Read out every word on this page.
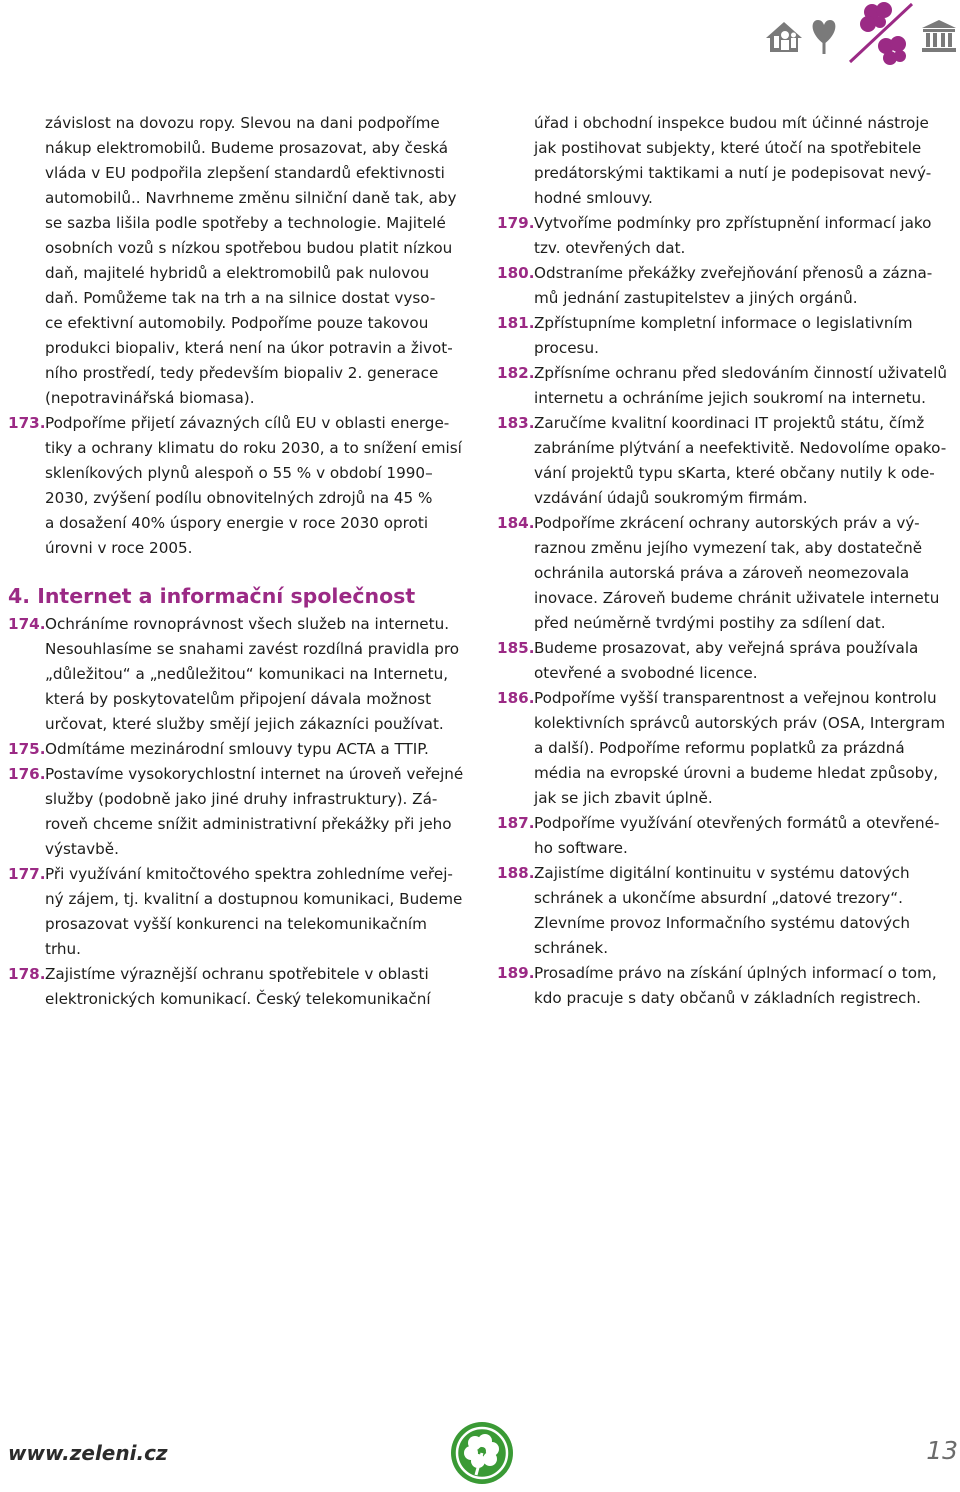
závislost na dovozu ropy. Slevou na dani podpoříme
nákup elektromobilů. Budeme prosazovat, aby česká
vláda v EU podpořila zlepšení standardů efektivnosti
automobilů.. Navrhneme změnu silniční daně tak, aby
se sazba lišila podle spotřeby a technologie. Majitelé
osobních vozů s nízkou spotřebou budou platit nízkou
daň, majitelé hybridů a elektromobilů pak nulovou
daň. Pomůžeme tak na trh a na silnice dostat vyso-
ce efektivní automobily. Podpoříme pouze takovou
produkci biopaliv, která není na úkor potravin a život-
ního prostředí, tedy především biopaliv 2. generace
(nepotravinářská biomasa).

173. Podpoříme přijetí závazných cílů EU v oblasti energe-
tiky a ochrany klimatu do roku 2030, a to snížení emisí
skleníkových plynů alespoň o 55 % v období 1990–
2030, zvýšení podílu obnovitelných zdrojů na 45 %
a dosažení 40% úspory energie v roce 2030 oproti
úrovni v roce 2005.

4. Internet a informační společnost

174. Ochráníme rovnoprávnost všech služeb na internetu.
Nesouhlasíme se snahami zavést rozdílná pravidla pro
„důležitou“ a „nedůležitou“ komunikaci na Internetu,
která by poskytovatelům připojení dávala možnost
určovat, které služby smějí jejich zákazníci používat.

175. Odmítáme mezinárodní smlouvy typu ACTA a TTIP.

176. Postavíme vysokorychlostní internet na úroveň veřejné
služby (podobně jako jiné druhy infrastruktury). Zá-
roveň chceme snížit administrativní překážky při jeho
výstavbě.

177. Při využívání kmitočtového spektra zohledníme veřej-
ný zájem, tj. kvalitní a dostupnou komunikaci, Budeme
prosazovat vyšší konkurenci na telekomunikačním
trhu.

178. Zajistíme výraznější ochranu spotřebitele v oblasti
elektronických komunikací. Český telekomunikační

úřad i obchodní inspekce budou mít účinné nástroje
jak postihovat subjekty, které útočí na spotřebitele
predátorskými taktikami a nutí je podepisovat nevý-
hodné smlouvy.

179. Vytvoříme podmínky pro zpřístupnění informací jako
tzv. otevřených dat.

180. Odstraníme překážky zveřejňování přenosů a zázna-
mů jednání zastupitelstev a jiných orgánů.

181. Zpřístupníme kompletní informace o legislativním
procesu.

182. Zpřísníme ochranu před sledováním činností uživatelů
internetu a ochráníme jejich soukromí na internetu.

183. Zaručíme kvalitní koordinaci IT projektů státu, čímž
zabráníme plýtvání a neefektivitě. Nedovolíme opako-
vání projektů typu sKarta, které občany nutily k ode-
vzdávání údajů soukromým firmám.

184. Podpoříme zkrácení ochrany autorských práv a vý-
raznou změnu jejího vymezení tak, aby dostatečně
ochránila autorská práva a zároveň neomezovala
inovace. Zároveň budeme chránit uživatele internetu
před neúměrně tvrdými postihy za sdílení dat.

185. Budeme prosazovat, aby veřejná správa používala
otevřené a svobodné licence.

186. Podpoříme vyšší transparentnost a veřejnou kontrolu
kolektivních správců autorských práv (OSA, Intergram
a další). Podpoříme reformu poplatků za prázdná
média na evropské úrovni a budeme hledat způsoby,
jak se jich zbavit úplně.

187. Podpoříme využívání otevřených formátů a otevřené-
ho software.

188. Zajistíme digitální kontinuitu v systému datových
schránek a ukončíme absurdní „datové trezory“.
Zlevníme provoz Informačního systému datových
schránek.

189. Prosadíme právo na získání úplných informací o tom,
kdo pracuje s daty občanů v základních registrech.

www.zeleni.cz	13
